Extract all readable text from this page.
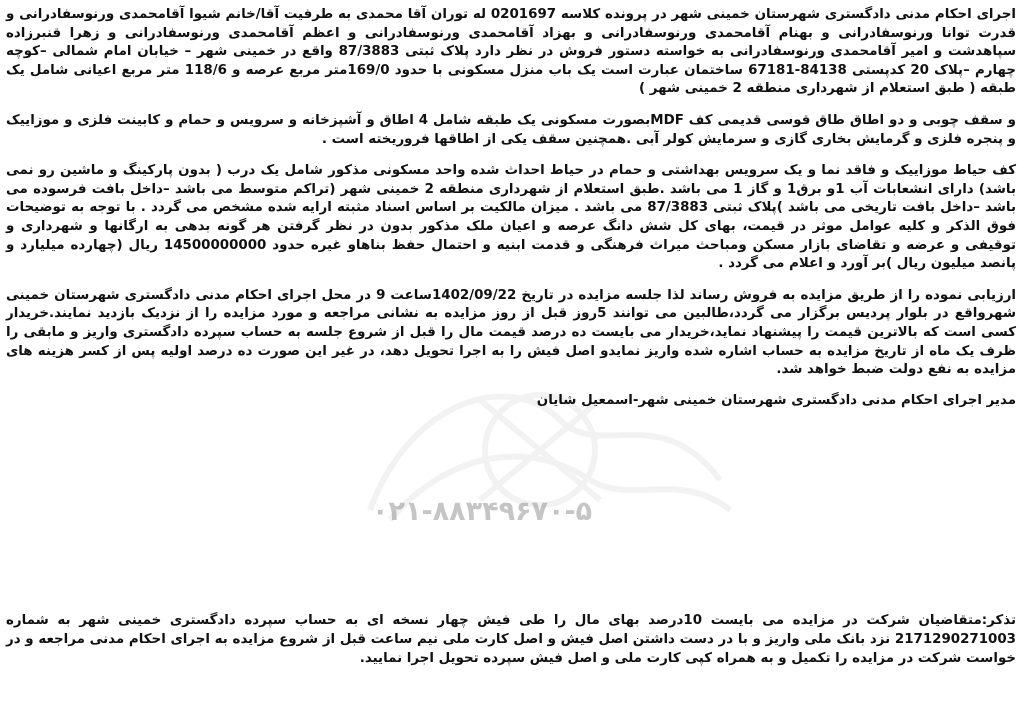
اجرای احکام مدنی دادگستری شهرستان خمینی شهر در پرونده کلاسه 0201697 له توران آقا محمدی به طرفیت آقا/خانم شیوا آقامحمدی ورنوسفادرانی و قدرت توانا ورنوسفادرانی و بهنام آقامحمدی ورنوسفادرانی و بهزاد آقامحمدی ورنوسفادرانی و اعظم آقامحمدی ورنوسفادرانی و زهرا قنبرزاده سپاهدشت و امیر آقامحمدی ورنوسفادرانی به خواسته دستور فروش در نظر دارد پلاک ثبتی 87/3883 واقع در خمینی شهر – خیابان امام شمالی –کوچه چهارم –پلاک 20 کدپستی 84138-67181 ساختمان عبارت است یک باب منزل مسکونی با حدود 169/0متر مربع عرصه و 118/6 متر مربع اعیانی شامل یک طبقه ( طبق استعلام از شهرداری منطقه 2 خمینی شهر )

و سقف چوبی و دو اطاق طاق قوسی قدیمی کف MDFبصورت مسکونی یک طبقه شامل 4 اطاق و آشپزخانه و سرویس و حمام و کابینت فلزی و موزاییک و پنجره فلزی و گرمایش بخاری گازی و سرمایش کولر آبی .همچنین سقف یکی از اطاقها فروریخته است .

کف حیاط موزاییک و فاقد نما و یک سرویس بهداشتی و حمام در حیاط احداث شده واحد مسکونی مذکور شامل یک درب ( بدون پارکینگ و ماشین رو نمی باشد) دارای انشعابات آب 1و برق1 و گاز 1 می باشد .طبق استعلام از شهرداری منطقه 2 خمینی شهر (تراکم متوسط می باشد –داخل بافت فرسوده می باشد –داخل بافت تاریخی می باشد )پلاک ثبتی 87/3883 می باشد . میزان مالکیت بر اساس اسناد مثبته ارایه شده مشخص می گردد . با توجه به توضیحات فوق الذکر و کلیه عوامل موثر در قیمت، بهای کل شش دانگ عرصه و اعیان ملک مذکور بدون در نظر گرفتن هر گونه بدهی به ارگانها و شهرداری و توقیفی و عرضه و تقاضای بازار مسکن ومباحث میراث فرهنگی و قدمت ابنیه و احتمال حفظ بناهاو غیره حدود 14500000000 ریال (چهارده میلیارد و پانصد میلیون ریال )بر آورد و اعلام می گردد .

ارزیابی نموده را از طریق مزایده به فروش رساند لذا جلسه مزایده در تاریخ 1402/09/22ساعت 9 در محل اجرای احکام مدنی دادگستری شهرستان خمینی شهرواقع در بلوار پردیس برگزار می گردد،طالبین می توانند 5روز قبل از روز مزایده به نشانی مراجعه و مورد مزایده را از نزدیک بازدید نمایند.خریدار کسی است که بالاترین قیمت را پیشنهاد نماید،خریدار می بایست ده درصد قیمت مال را قبل از شروع جلسه به حساب سپرده دادگستری واریز و مابقی را ظرف یک ماه از تاریخ مزایده به حساب اشاره شده واریز نمایدو اصل فیش را به اجرا تحویل دهد، در غیر این صورت ده درصد اولیه پس از کسر هزینه های مزایده به نفع دولت ضبط خواهد شد.

مدیر اجرای احکام مدنی دادگستری شهرستان خمینی شهر-اسمعیل شایان

۰۲۱-۸۸۳۴۹۶۷۰-۵

تذکر:متقاضیان شرکت در مزایده می بایست 10درصد بهای مال را طی فیش چهار نسخه ای به حساب سپرده دادگستری خمینی شهر به شماره 2171290271003 نزد بانک ملی واریز و با در دست داشتن اصل فیش و اصل کارت ملی نیم ساعت قبل از شروع مزایده به اجرای احکام مدنی مراجعه و در خواست شرکت در مزایده را تکمیل و به همراه کپی کارت ملی و اصل فیش سپرده تحویل اجرا نمایید.
